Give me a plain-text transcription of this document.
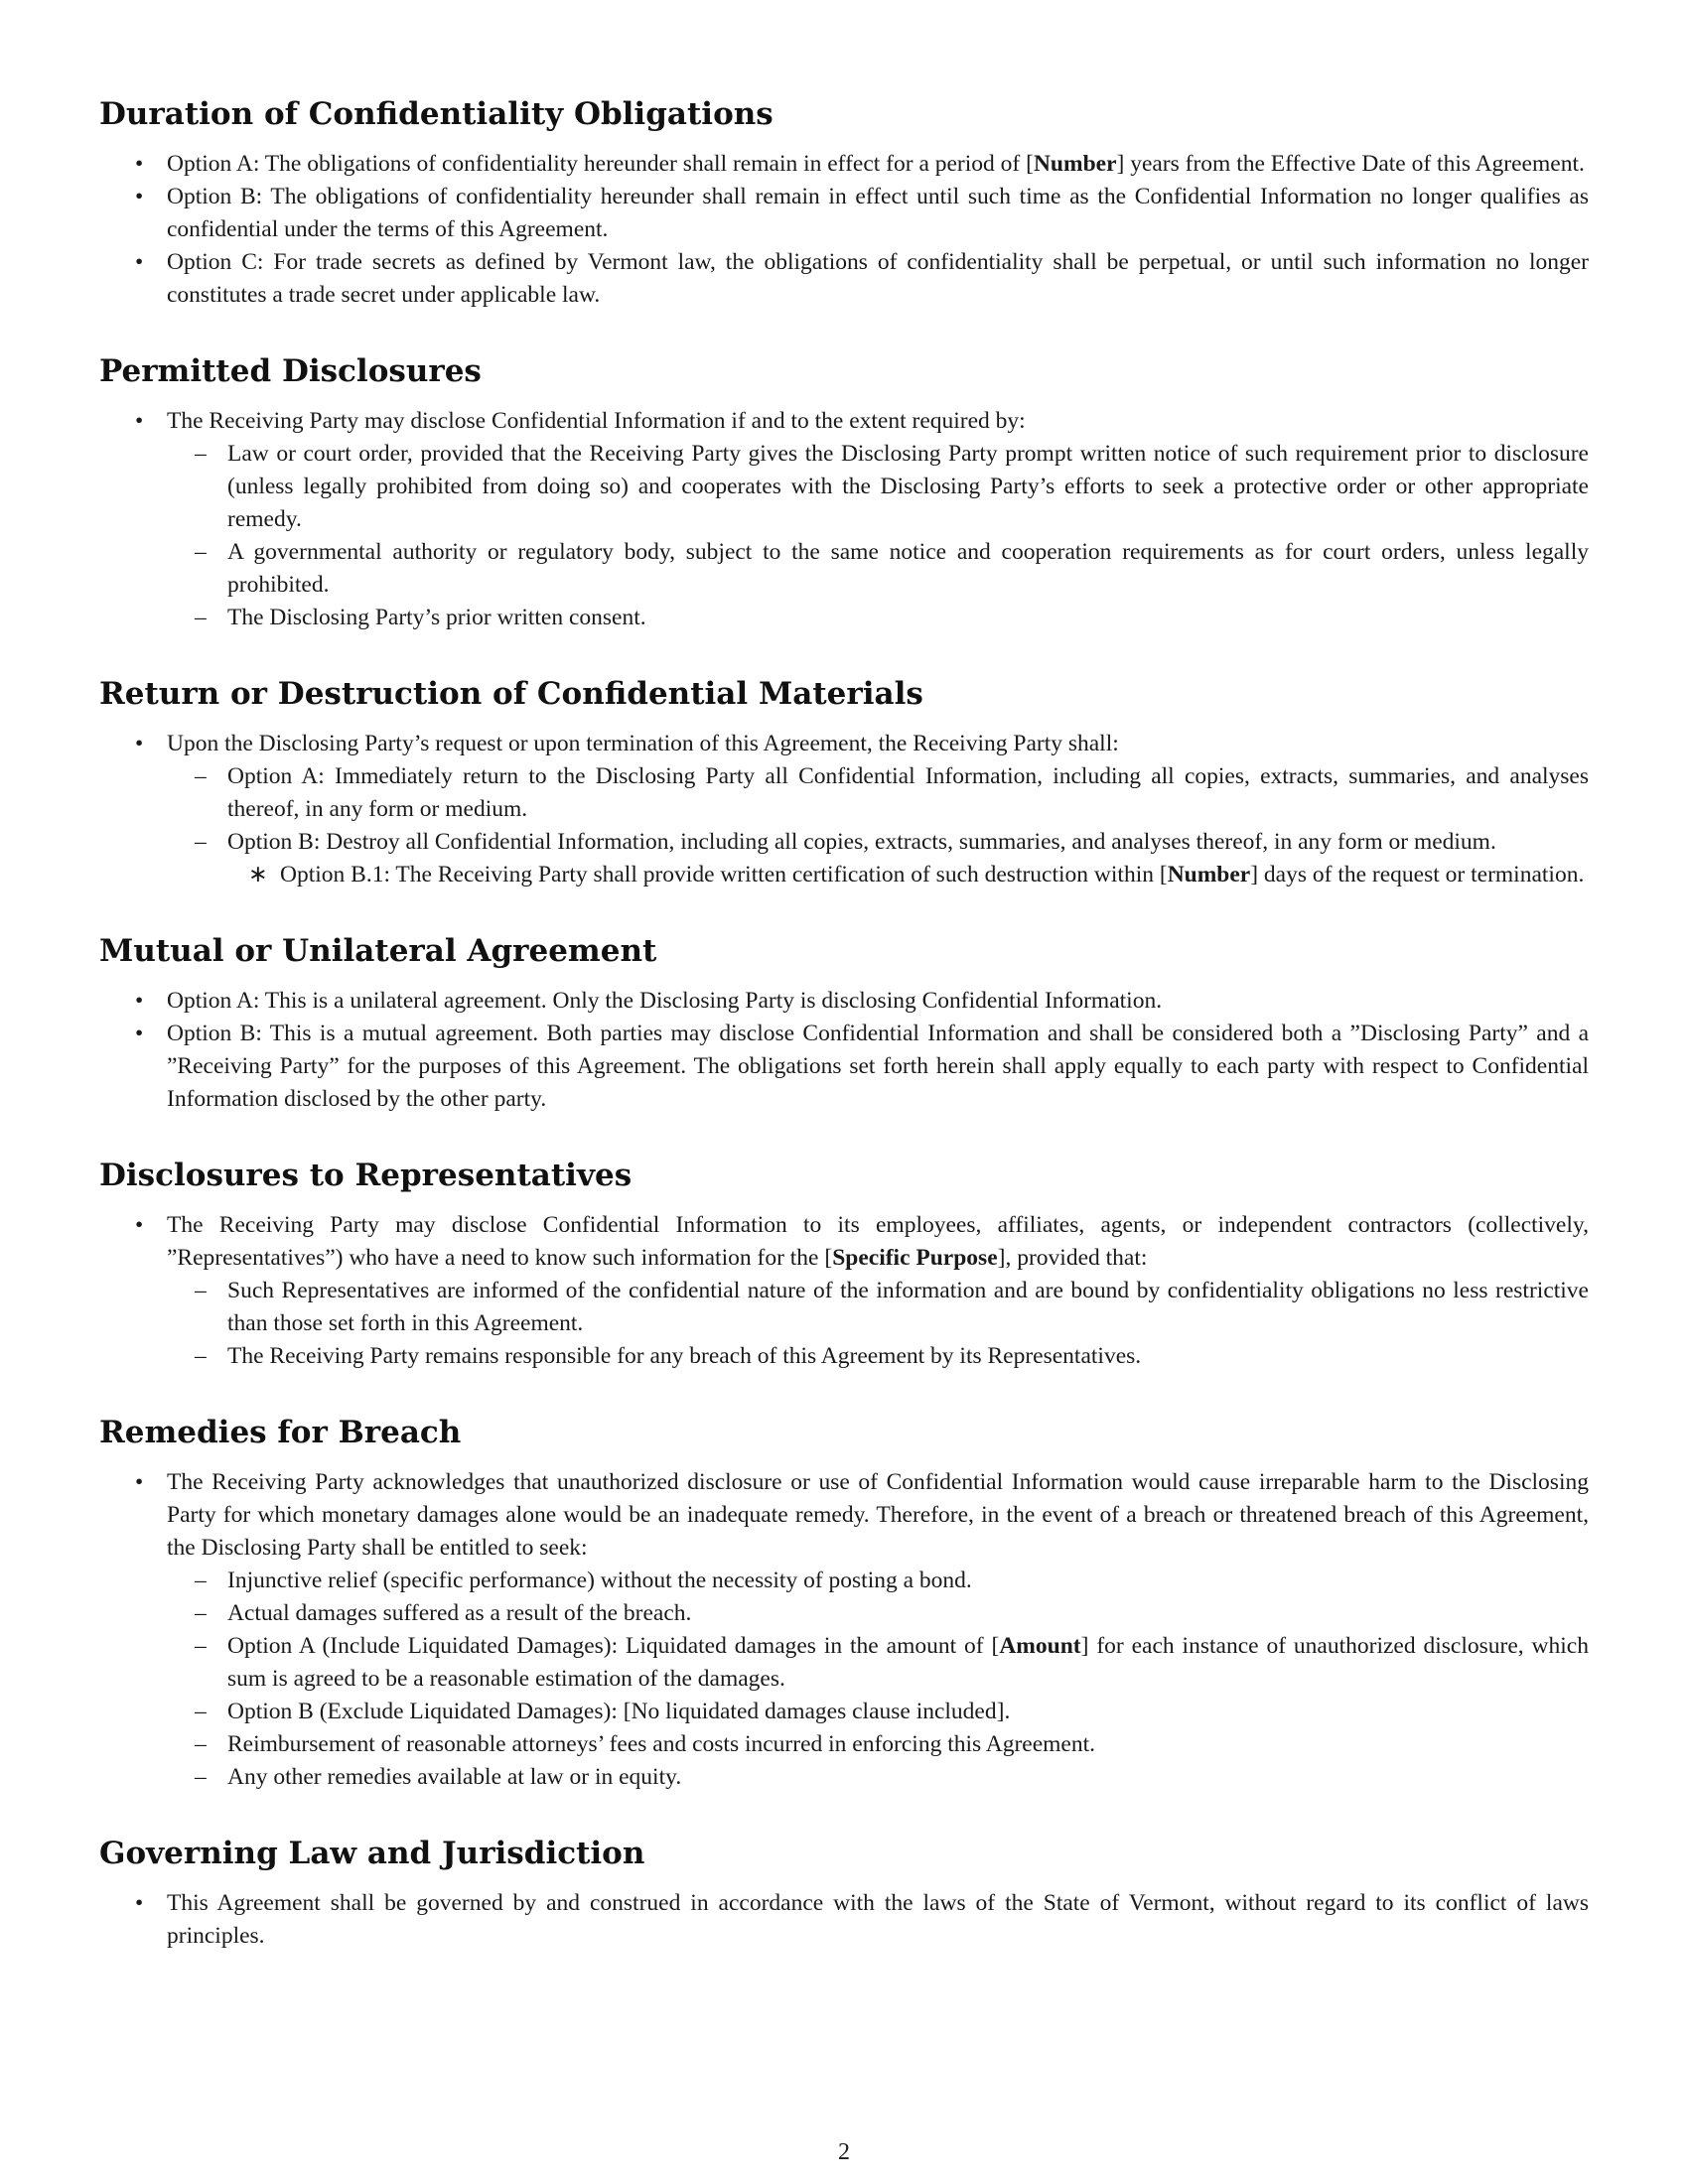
Duration of Confidentiality Obligations
• Option A: The obligations of confidentiality hereunder shall remain in effect for a period of [Number] years from the Effective Date of this Agreement.
• Option B: The obligations of confidentiality hereunder shall remain in effect until such time as the Confidential Information no longer qualifies as confidential under the terms of this Agreement.
• Option C: For trade secrets as defined by Vermont law, the obligations of confidentiality shall be perpetual, or until such information no longer constitutes a trade secret under applicable law.
Permitted Disclosures
• The Receiving Party may disclose Confidential Information if and to the extent required by:
– Law or court order, provided that the Receiving Party gives the Disclosing Party prompt written notice of such requirement prior to disclosure (unless legally prohibited from doing so) and cooperates with the Disclosing Party’s efforts to seek a protective order or other appropriate remedy.
– A governmental authority or regulatory body, subject to the same notice and cooperation requirements as for court orders, unless legally prohibited.
– The Disclosing Party’s prior written consent.
Return or Destruction of Confidential Materials
• Upon the Disclosing Party’s request or upon termination of this Agreement, the Receiving Party shall:
– Option A: Immediately return to the Disclosing Party all Confidential Information, including all copies, extracts, summaries, and analyses thereof, in any form or medium.
– Option B: Destroy all Confidential Information, including all copies, extracts, summaries, and analyses thereof, in any form or medium.
∗ Option B.1: The Receiving Party shall provide written certification of such destruction within [Number] days of the request or termination.
Mutual or Unilateral Agreement
• Option A: This is a unilateral agreement. Only the Disclosing Party is disclosing Confidential Information.
• Option B: This is a mutual agreement. Both parties may disclose Confidential Information and shall be considered both a ”Disclosing Party” and a ”Receiving Party” for the purposes of this Agreement. The obligations set forth herein shall apply equally to each party with respect to Confidential Information disclosed by the other party.
Disclosures to Representatives
• The Receiving Party may disclose Confidential Information to its employees, affiliates, agents, or independent contractors (collectively, ”Representatives”) who have a need to know such information for the [Specific Purpose], provided that:
– Such Representatives are informed of the confidential nature of the information and are bound by confidentiality obligations no less restrictive than those set forth in this Agreement.
– The Receiving Party remains responsible for any breach of this Agreement by its Representatives.
Remedies for Breach
• The Receiving Party acknowledges that unauthorized disclosure or use of Confidential Information would cause irreparable harm to the Disclosing Party for which monetary damages alone would be an inadequate remedy. Therefore, in the event of a breach or threatened breach of this Agreement, the Disclosing Party shall be entitled to seek:
– Injunctive relief (specific performance) without the necessity of posting a bond.
– Actual damages suffered as a result of the breach.
– Option A (Include Liquidated Damages): Liquidated damages in the amount of [Amount] for each instance of unauthorized disclosure, which sum is agreed to be a reasonable estimation of the damages.
– Option B (Exclude Liquidated Damages): [No liquidated damages clause included].
– Reimbursement of reasonable attorneys’ fees and costs incurred in enforcing this Agreement.
– Any other remedies available at law or in equity.
Governing Law and Jurisdiction
• This Agreement shall be governed by and construed in accordance with the laws of the State of Vermont, without regard to its conflict of laws principles.
2
